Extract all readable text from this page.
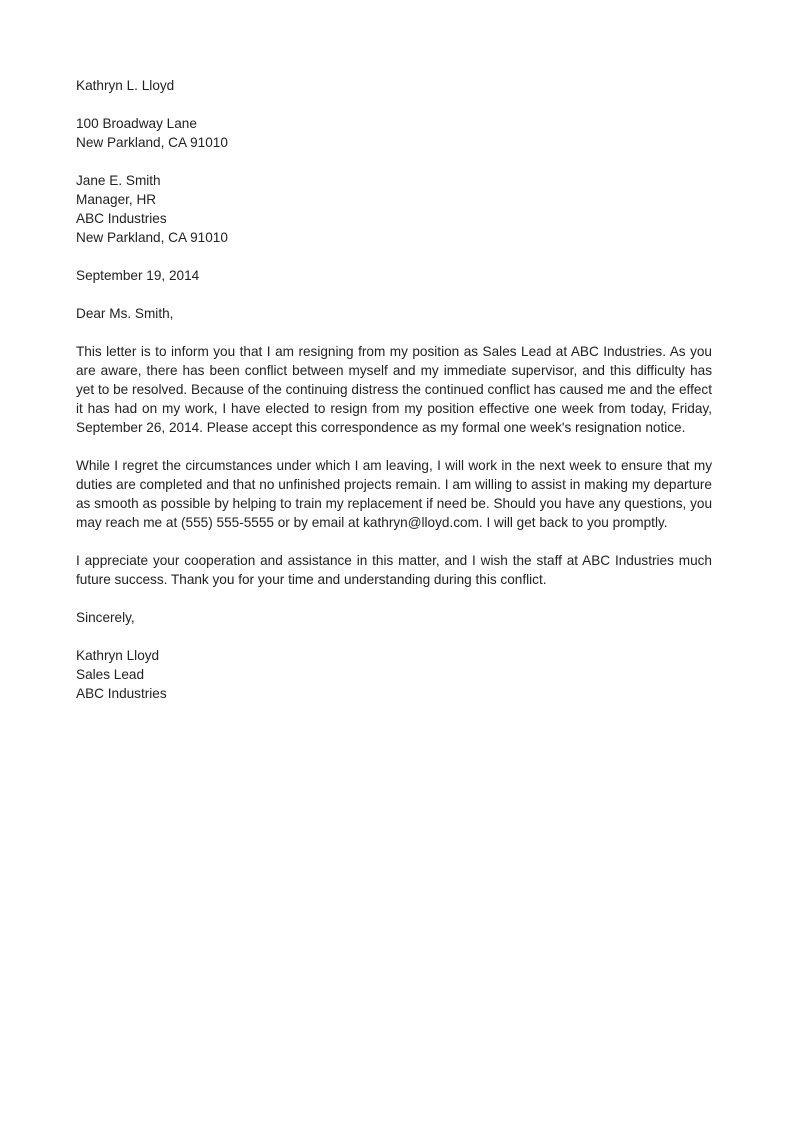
Kathryn L. Lloyd
100 Broadway Lane
New Parkland, CA 91010
Jane E. Smith
Manager, HR
ABC Industries
New Parkland, CA 91010
September 19, 2014
Dear Ms. Smith,

This letter is to inform you that I am resigning from my position as Sales Lead at ABC Industries. As you are aware, there has been conflict between myself and my immediate supervisor, and this difficulty has yet to be resolved. Because of the continuing distress the continued conflict has caused me and the effect it has had on my work, I have elected to resign from my position effective one week from today, Friday, September 26, 2014. Please accept this correspondence as my formal one week's resignation notice.

While I regret the circumstances under which I am leaving, I will work in the next week to ensure that my duties are completed and that no unfinished projects remain. I am willing to assist in making my departure as smooth as possible by helping to train my replacement if need be. Should you have any questions, you may reach me at (555) 555-5555 or by email at kathryn@lloyd.com. I will get back to you promptly.

I appreciate your cooperation and assistance in this matter, and I wish the staff at ABC Industries much future success. Thank you for your time and understanding during this conflict.

Sincerely,
Kathryn Lloyd
Sales Lead
ABC Industries
